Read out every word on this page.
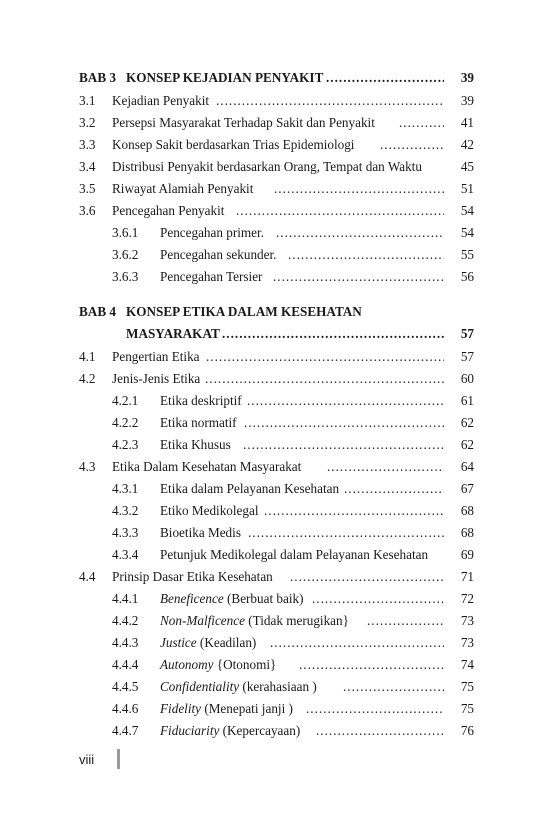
BAB 3 KONSEP KEJADIAN PENYAKIT .....	39
3.1 Kejadian Penyakit .....	39
3.2 Persepsi Masyarakat Terhadap Sakit dan Penyakit .....	41
3.3 Konsep Sakit berdasarkan Trias Epidemiologi .....	42
3.4 Distribusi Penyakit berdasarkan Orang, Tempat dan Waktu	45
3.5 Riwayat Alamiah Penyakit .....	51
3.6 Pencegahan Penyakit .....	54
3.6.1 Pencegahan primer. .....	54
3.6.2 Pencegahan sekunder. .....	55
3.6.3 Pencegahan Tersier .....	56
BAB 4 KONSEP ETIKA DALAM KESEHATAN
MASYARAKAT .....	57
4.1 Pengertian Etika .....	57
4.2 Jenis-Jenis Etika .....	60
4.2.1 Etika deskriptif .....	61
4.2.2 Etika normatif .....	62
4.2.3 Etika Khusus .....	62
4.3 Etika Dalam Kesehatan Masyarakat .....	64
4.3.1 Etika dalam Pelayanan Kesehatan .....	67
4.3.2 Etiko Medikolegal .....	68
4.3.3 Bioetika Medis .....	68
4.3.4 Petunjuk Medikolegal dalam Pelayanan Kesehatan 69
4.4 Prinsip Dasar Etika Kesehatan .....	71
4.4.1 Beneficence (Berbuat baik) .....	72
4.4.2 Non-Malficence (Tidak merugikan} .....	73
4.4.3 Justice (Keadilan) .....	73
4.4.4 Autonomy {Otonomi} .....	74
4.4.5 Confidentiality (kerahasiaan ) .....	75
4.4.6 Fidelity (Menepati janji ) .....	75
4.4.7 Fiduciarity (Kepercayaan) .....	76
viii
